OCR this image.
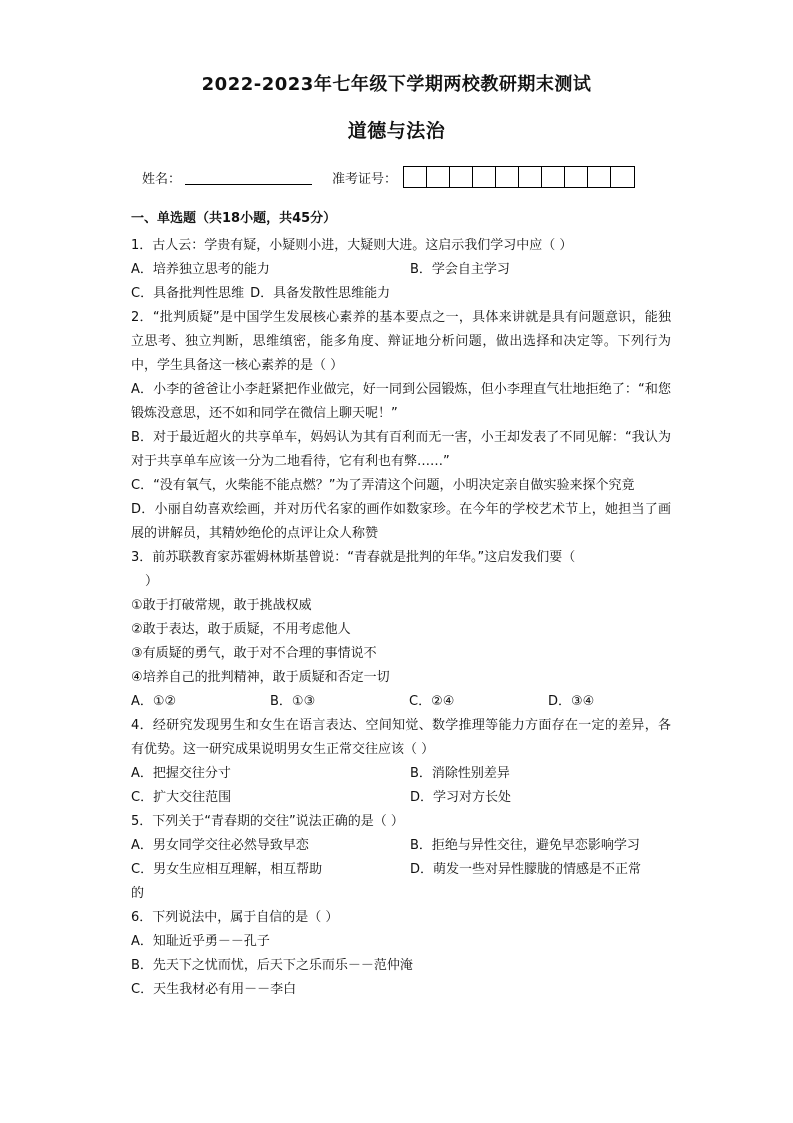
2022-2023年七年级下学期两校教研期末测试
道德与法治
姓名：	准考证号：
一、单选题（共18小题，共45分）
1．古人云：学贵有疑，小疑则小进，大疑则大进。这启示我们学习中应（ ）
A．培养独立思考的能力	B．学会自主学习
C．具备批判性思维 D．具备发散性思维能力
2．“批判质疑”是中国学生发展核心素养的基本要点之一，具体来讲就是具有问题意识，能独立思考、独立判断，思维缜密，能多角度、辩证地分析问题，做出选择和决定等。下列行为中，学生具备这一核心素养的是（ ）
A．小李的爸爸让小李赶紧把作业做完，好一同到公园锻炼，但小李理直气壮地拒绝了：“和您锻炼没意思，还不如和同学在微信上聊天呢！”
B．对于最近超火的共享单车，妈妈认为其有百利而无一害，小王却发表了不同见解：“我认为对于共享单车应该一分为二地看待，它有利也有弊……”
C．“没有氧气，火柴能不能点燃？”为了弄清这个问题，小明决定亲自做实验来探个究竟
D．小丽自幼喜欢绘画，并对历代名家的画作如数家珍。在今年的学校艺术节上，她担当了画展的讲解员，其精妙绝伦的点评让众人称赞
3．前苏联教育家苏霍姆林斯基曾说：“青春就是批判的年华。”这启发我们要（
）
①敢于打破常规，敢于挑战权威
②敢于表达，敢于质疑，不用考虑他人
③有质疑的勇气，敢于对不合理的事情说不
④培养自己的批判精神，敢于质疑和否定一切
A．①②	B．①③	C．②④	D．③④
4．经研究发现男生和女生在语言表达、空间知觉、数学推理等能力方面存在一定的差异，各有优势。这一研究成果说明男女生正常交往应该（ ）
A．把握交往分寸	B．消除性别差异
C．扩大交往范围	D．学习对方长处
5．下列关于“青春期的交往”说法正确的是（ ）
A．男女同学交往必然导致早恋	B．拒绝与异性交往，避免早恋影响学习
C．男女生应相互理解，相互帮助	D．萌发一些对异性朦胧的情感是不正常
的
6．下列说法中，属于自信的是（ ）
A．知耻近乎勇－－孔子
B．先天下之忧而忧，后天下之乐而乐－－范仲淹
C．天生我材必有用－－李白
